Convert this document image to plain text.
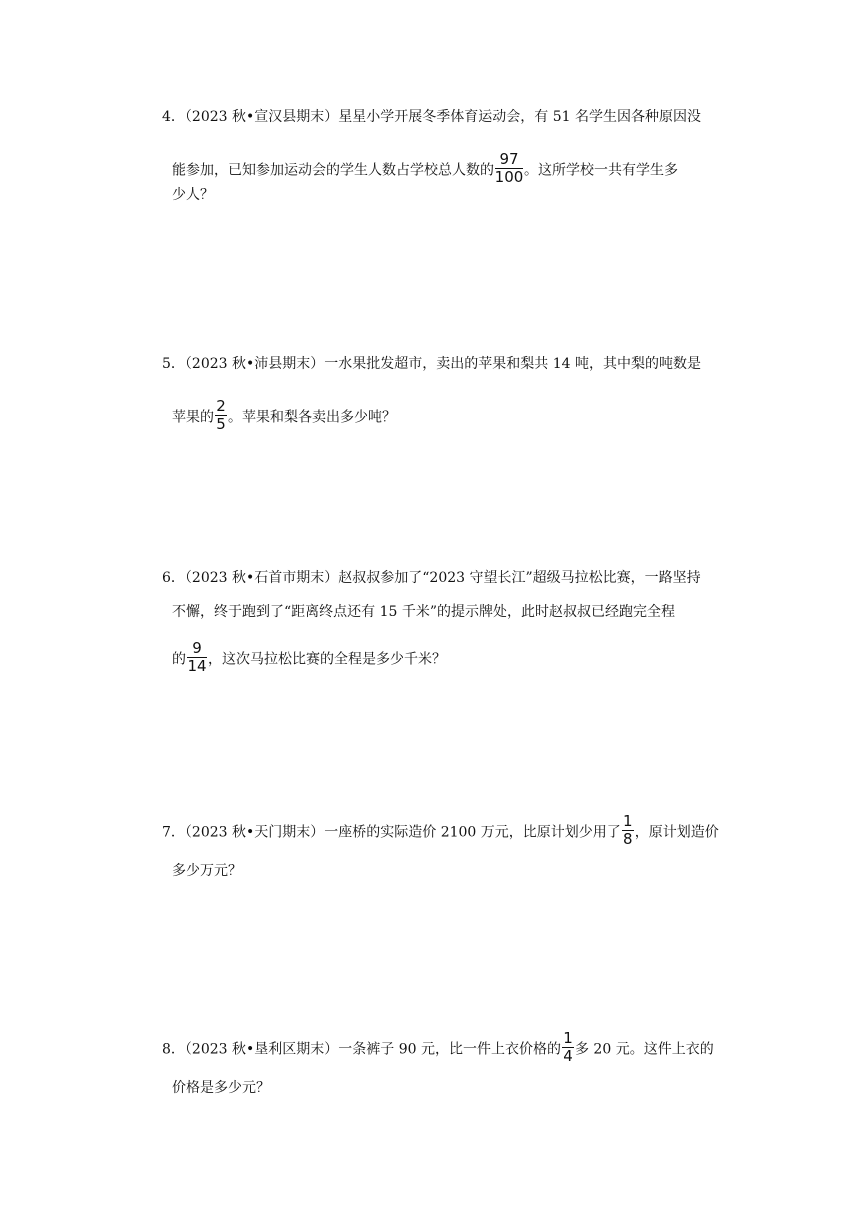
4．（2023 秋•宣汉县期末）星星小学开展冬季体育运动会，有 51 名学生因各种原因没
能参加，已知参加运动会的学生人数占学校总人数的
97
100 。这所学校一共有学生多
少人？
5．（2023 秋•沛县期末）一水果批发超市，卖出的苹果和梨共 14 吨，其中梨的吨数是
苹果的
2
5 。苹果和梨各卖出多少吨？
6．（2023 秋•石首市期末）赵叔叔参加了“2023 守望长江”超级马拉松比赛，一路坚持
不懈，终于跑到了“距离终点还有 15 千米”的提示牌处，此时赵叔叔已经跑完全程
的
9
14 ，这次马拉松比赛的全程是多少千米？
7．（2023 秋•天门期末）一座桥的实际造价 2100 万元，比原计划少用了
1
8 ，原计划造价
多少万元？
8．（2023 秋•垦利区期末）一条裤子 90 元，比一件上衣价格的
1
4 多 20 元。这件上衣的
价格是多少元？
